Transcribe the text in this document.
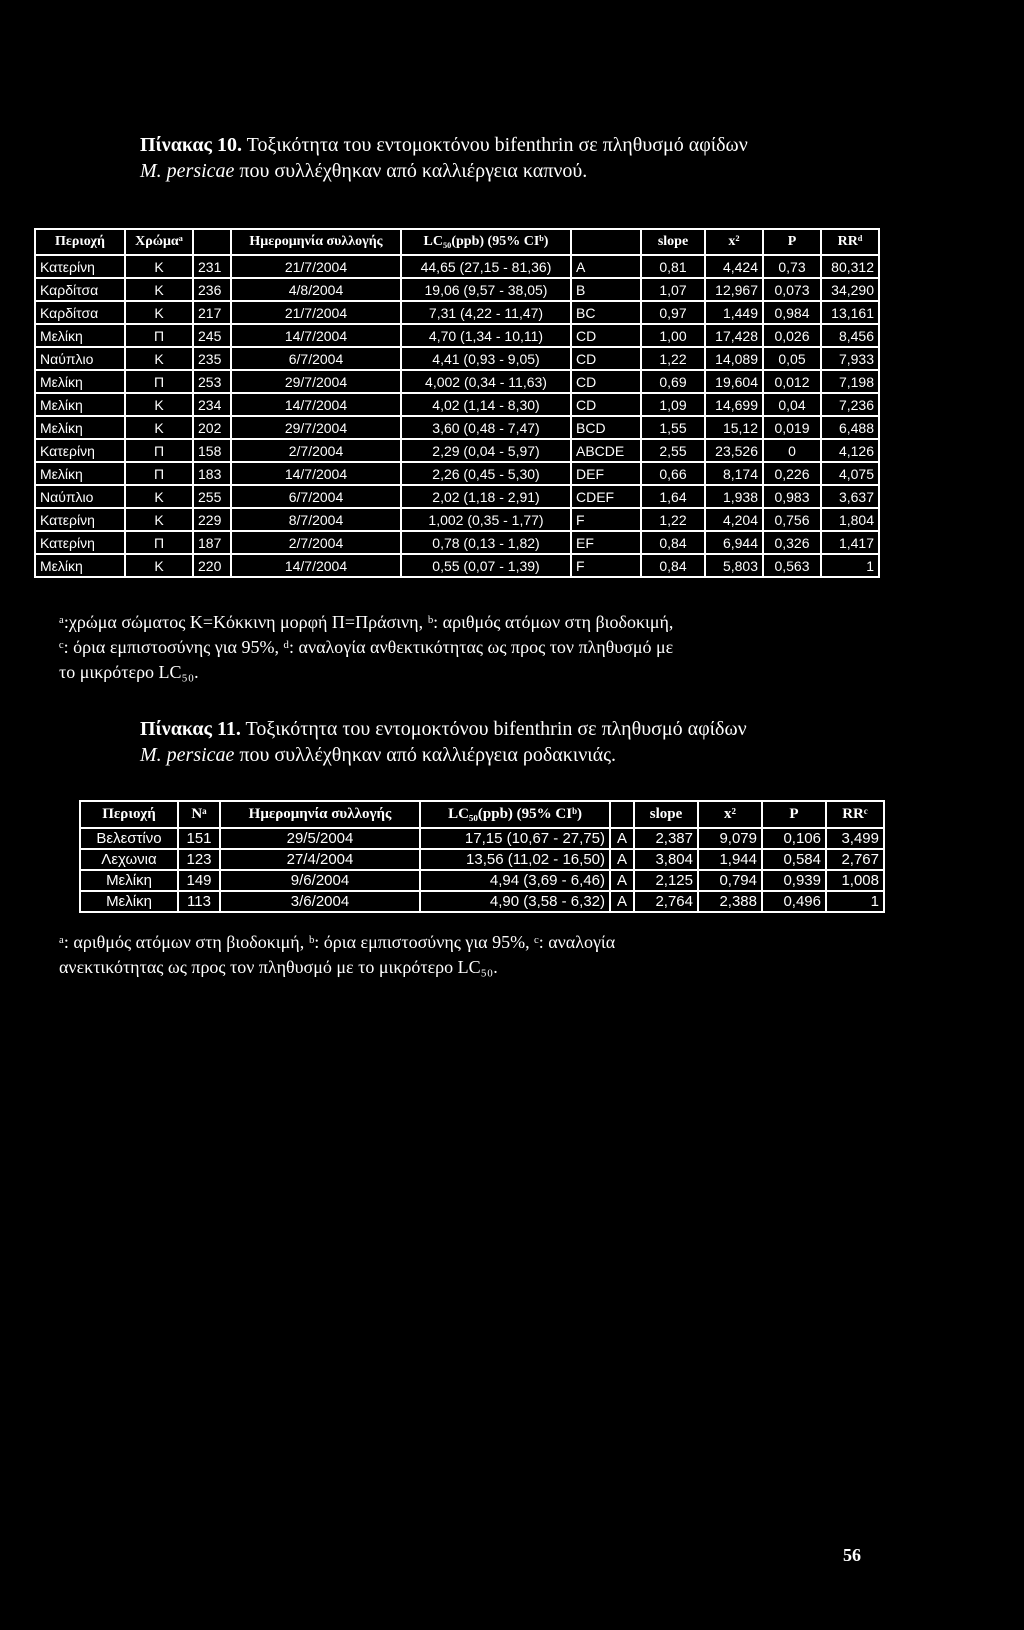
Πίνακας 10. Τοξικότητα του εντομοκτόνου bifenthrin σε πληθυσμό αφίδων
M. persicae που συλλέχθηκαν από καλλιέργεια καπνού.
Περιοχή	Χρώμαᵃ		Ημερομηνία συλλογής	LC₅₀(ppb) (95% CIᵇ)		slope	x²	P	RRᵈ
Κατερίνη	Κ	231	21/7/2004	44,65 (27,15 - 81,36)	A	0,81	4,424	0,73	80,312
Καρδίτσα	Κ	236	4/8/2004	19,06 (9,57 - 38,05)	B	1,07	12,967	0,073	34,290
Καρδίτσα	Κ	217	21/7/2004	7,31 (4,22 - 11,47)	BC	0,97	1,449	0,984	13,161
Μελίκη	Π	245	14/7/2004	4,70 (1,34 - 10,11)	CD	1,00	17,428	0,026	8,456
Ναύπλιο	Κ	235	6/7/2004	4,41 (0,93 - 9,05)	CD	1,22	14,089	0,05	7,933
Μελίκη	Π	253	29/7/2004	4,002 (0,34 - 11,63)	CD	0,69	19,604	0,012	7,198
Μελίκη	Κ	234	14/7/2004	4,02 (1,14 - 8,30)	CD	1,09	14,699	0,04	7,236
Μελίκη	Κ	202	29/7/2004	3,60 (0,48 - 7,47)	BCD	1,55	15,12	0,019	6,488
Κατερίνη	Π	158	2/7/2004	2,29 (0,04 - 5,97)	ABCDE	2,55	23,526	0	4,126
Μελίκη	Π	183	14/7/2004	2,26 (0,45 - 5,30)	DEF	0,66	8,174	0,226	4,075
Ναύπλιο	Κ	255	6/7/2004	2,02 (1,18 - 2,91)	CDEF	1,64	1,938	0,983	3,637
Κατερίνη	Κ	229	8/7/2004	1,002 (0,35 - 1,77)	F	1,22	4,204	0,756	1,804
Κατερίνη	Π	187	2/7/2004	0,78 (0,13 - 1,82)	EF	0,84	6,944	0,326	1,417
Μελίκη	Κ	220	14/7/2004	0,55 (0,07 - 1,39)	F	0,84	5,803	0,563	1
ᵃ:χρώμα σώματος Κ=Κόκκινη μορφή Π=Πράσινη, ᵇ: αριθμός ατόμων στη βιοδοκιμή,
ᶜ: όρια εμπιστοσύνης για 95%, ᵈ: αναλογία ανθεκτικότητας ως προς τον πληθυσμό με
το μικρότερο LC₅₀.
Πίνακας 11. Τοξικότητα του εντομοκτόνου bifenthrin σε πληθυσμό αφίδων
M. persicae που συλλέχθηκαν από καλλιέργεια ροδακινιάς.
Περιοχή	Nᵃ	Ημερομηνία συλλογής	LC₅₀(ppb) (95% CIᵇ)		slope	x²	P	RRᶜ
Βελεστίνο	151	29/5/2004	17,15 (10,67 - 27,75)	A	2,387	9,079	0,106	3,499
Λεχωνια	123	27/4/2004	13,56 (11,02 - 16,50)	A	3,804	1,944	0,584	2,767
Μελίκη	149	9/6/2004	4,94 (3,69 - 6,46)	A	2,125	0,794	0,939	1,008
Μελίκη	113	3/6/2004	4,90 (3,58 - 6,32)	A	2,764	2,388	0,496	1
ᵃ: αριθμός ατόμων στη βιοδοκιμή, ᵇ: όρια εμπιστοσύνης για 95%, ᶜ: αναλογία
ανεκτικότητας ως προς τον πληθυσμό με το μικρότερο LC₅₀.
56
